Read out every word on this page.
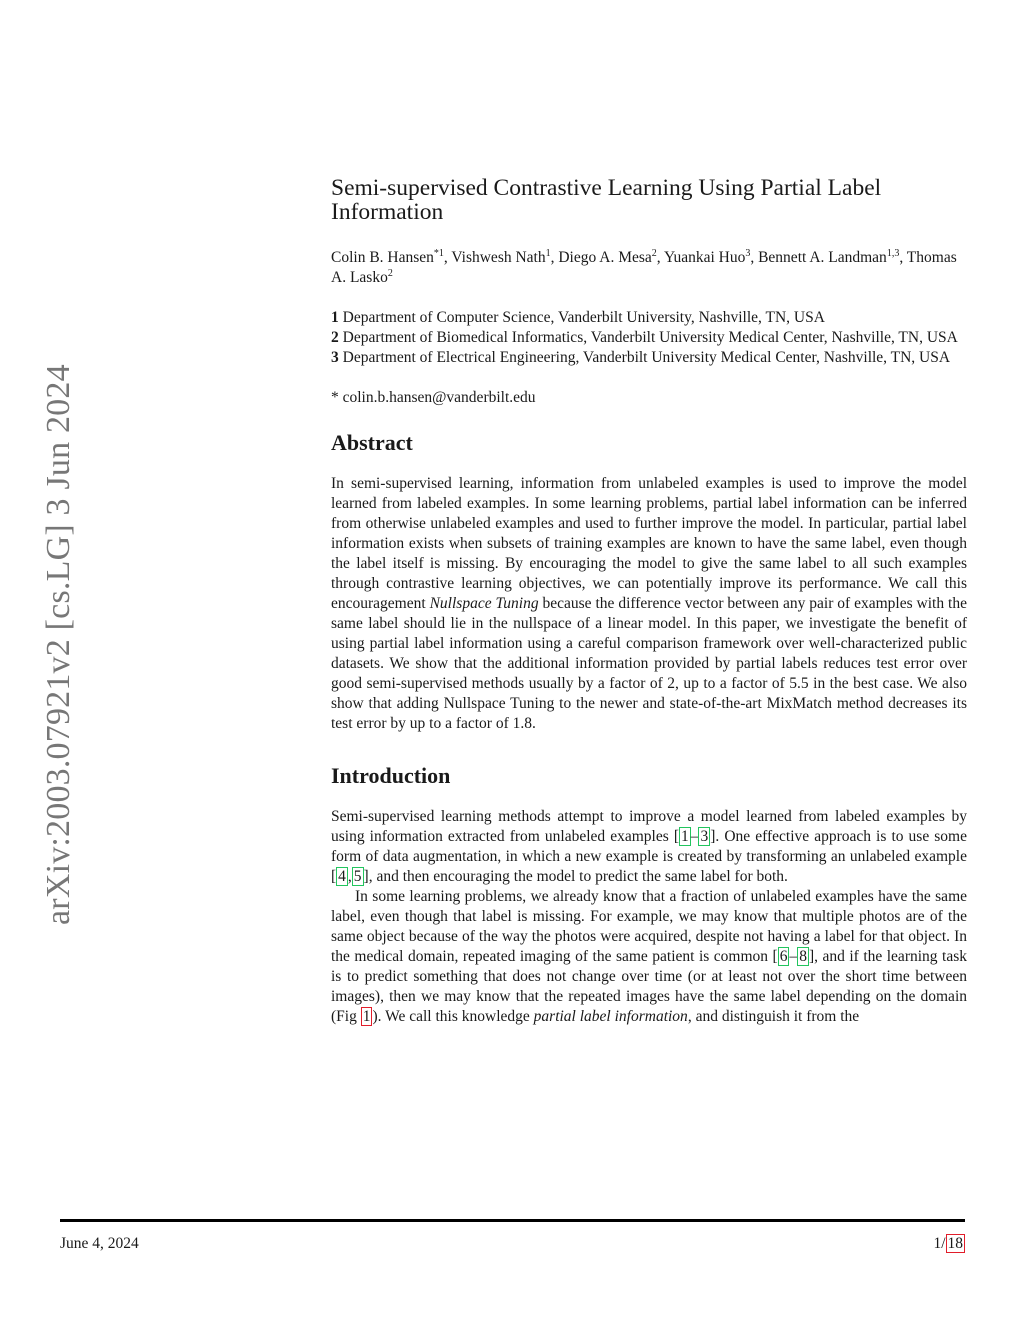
arXiv:2003.07921v2 [cs.LG] 3 Jun 2024
Semi-supervised Contrastive Learning Using Partial Label Information
Colin B. Hansen$^{*1}$, Vishwesh Nath$^1$, Diego A. Mesa$^2$, Yuankai Huo$^3$, Bennett A. Landman$^{1,3}$, Thomas A. Lasko$^2$
1 Department of Computer Science, Vanderbilt University, Nashville, TN, USA
2 Department of Biomedical Informatics, Vanderbilt University Medical Center, Nashville, TN, USA
3 Department of Electrical Engineering, Vanderbilt University Medical Center, Nashville, TN, USA
* colin.b.hansen@vanderbilt.edu
Abstract

In semi-supervised learning, information from unlabeled examples is used to improve the model learned from labeled examples. In some learning problems, partial label information can be inferred from otherwise unlabeled examples and used to further improve the model. In particular, partial label information exists when subsets of training examples are known to have the same label, even though the label itself is missing. By encouraging the model to give the same label to all such examples through contrastive learning objectives, we can potentially improve its performance. We call this encouragement Nullspace Tuning because the difference vector between any pair of examples with the same label should lie in the nullspace of a linear model. In this paper, we investigate the benefit of using partial label information using a careful comparison framework over well-characterized public datasets. We show that the additional information provided by partial labels reduces test error over good semi-supervised methods usually by a factor of 2, up to a factor of 5.5 in the best case. We also show that adding Nullspace Tuning to the newer and state-of-the-art MixMatch method decreases its test error by up to a factor of 1.8.

Introduction

Semi-supervised learning methods attempt to improve a model learned from labeled examples by using information extracted from unlabeled examples [ 1 – 3 ]. One effective approach is to use some form of data augmentation, in which a new example is created by transforming an unlabeled example [ 4 , 5 ], and then encouraging the model to predict the same label for both.

In some learning problems, we already know that a fraction of unlabeled examples have the same label, even though that label is missing. For example, we may know that multiple photos are of the same object because of the way the photos were acquired, despite not having a label for that object. In the medical domain, repeated imaging of the same patient is common [ 6 – 8 ], and if the learning task is to predict something that does not change over time (or at least not over the short time between images), then we may know that the repeated images have the same label depending on the domain (Fig 1 ). We call this knowledge partial label information, and distinguish it from the

June 4, 2024	1/ 18
